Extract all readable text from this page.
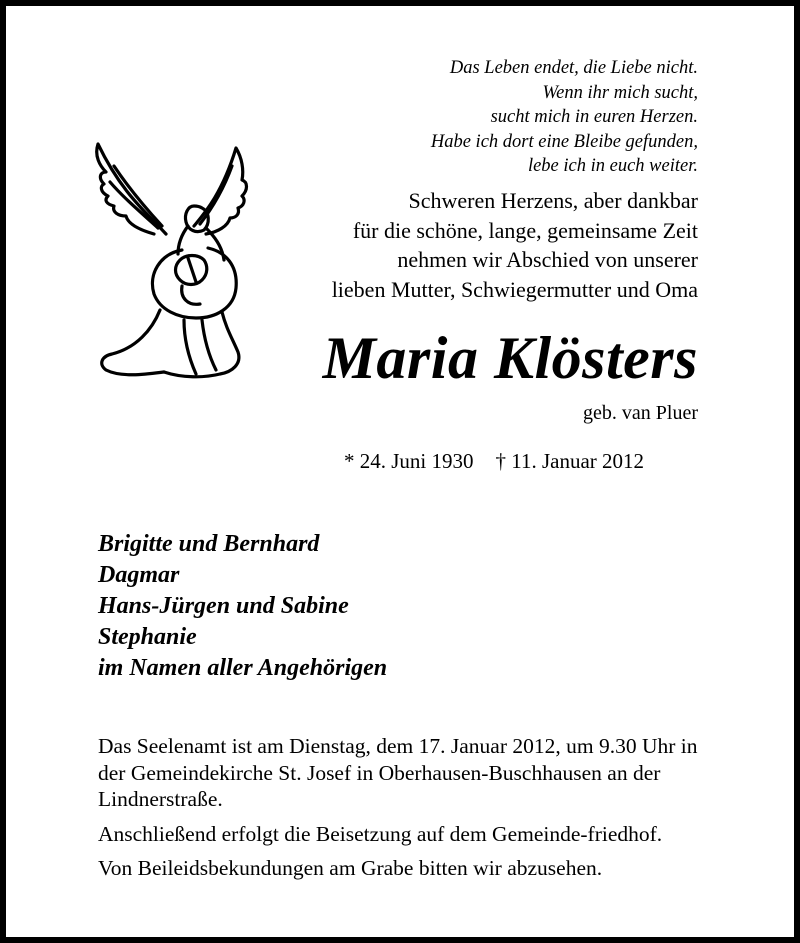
Das Leben endet, die Liebe nicht.
Wenn ihr mich sucht,
sucht mich in euren Herzen.
Habe ich dort eine Bleibe gefunden,
lebe ich in euch weiter.
Schweren Herzens, aber dankbar
für die schöne, lange, gemeinsame Zeit
nehmen wir Abschied von unserer
lieben Mutter, Schwiegermutter und Oma
Maria Klösters
geb. van Pluer
* 24. Juni 1930 † 11. Januar 2012
Brigitte und Bernhard
Dagmar
Hans-Jürgen und Sabine
Stephanie
im Namen aller Angehörigen

Das Seelenamt ist am Dienstag, dem 17. Januar 2012, um 9.30 Uhr in der Gemeindekirche St. Josef in Oberhausen-Buschhausen an der Lindnerstraße.

Anschließend erfolgt die Beisetzung auf dem Gemeinde-friedhof.

Von Beileidsbekundungen am Grabe bitten wir abzusehen.
